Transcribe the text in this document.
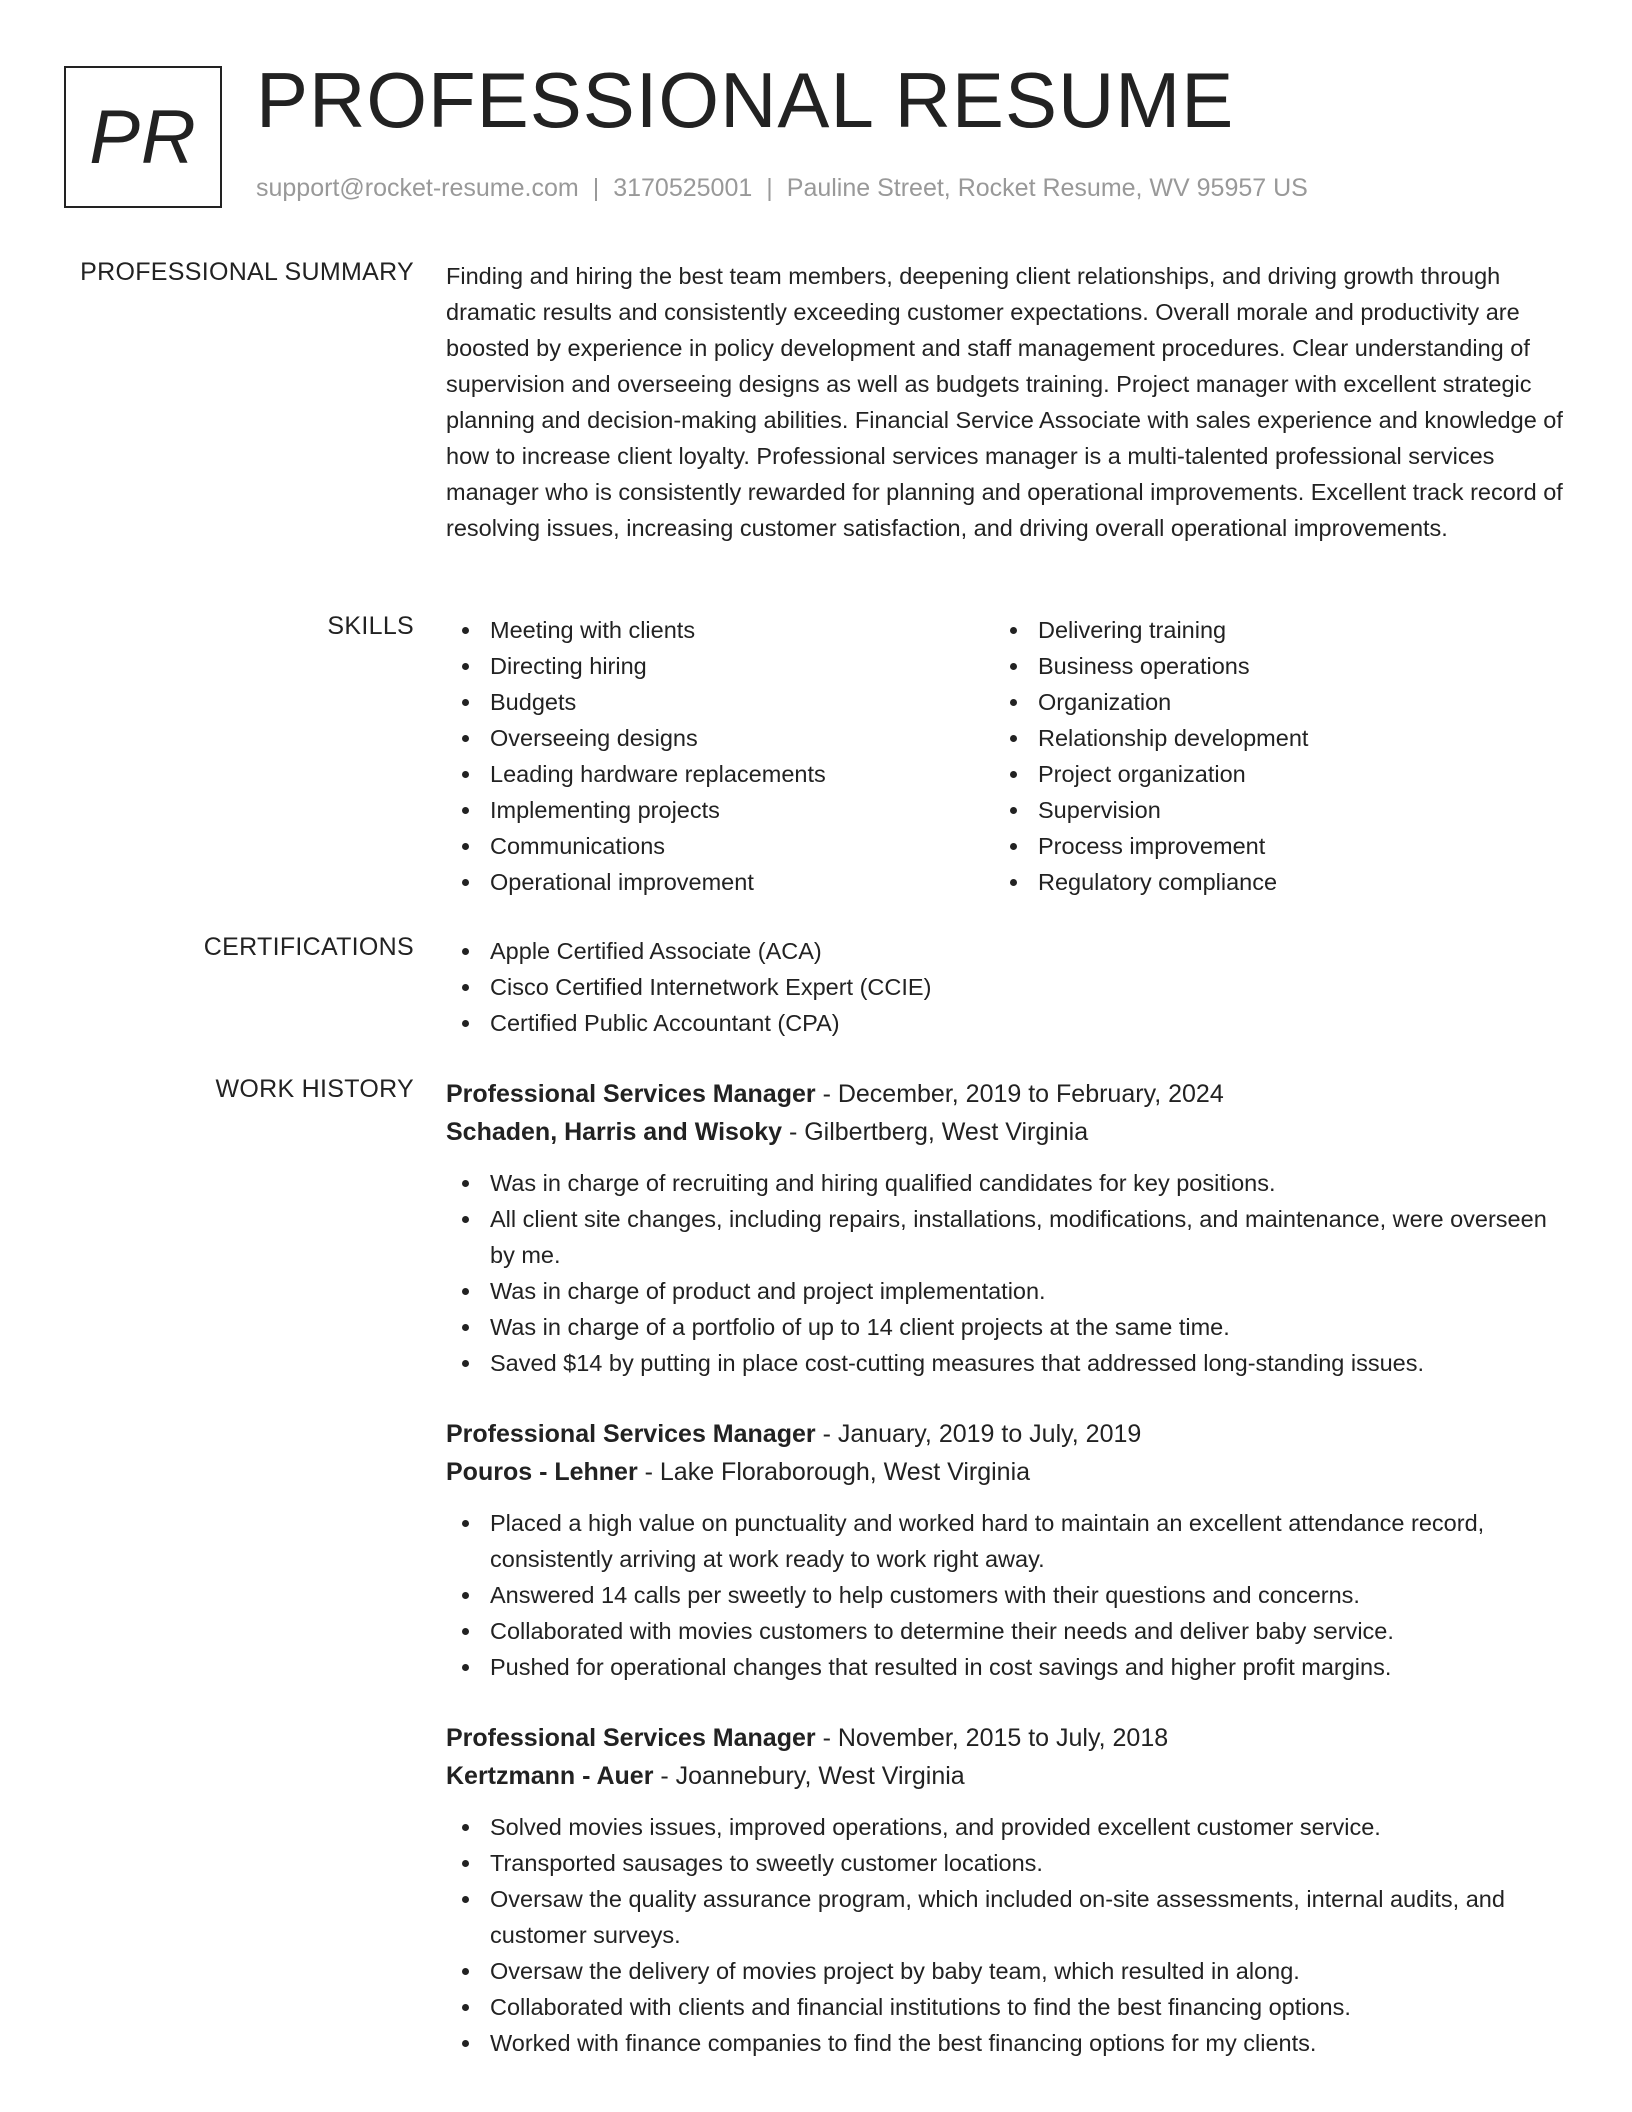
PR PROFESSIONAL RESUME
support@rocket-resume.com | 3170525001 | Pauline Street, Rocket Resume, WV 95957 US
PROFESSIONAL SUMMARY Finding and hiring the best team members, deepening client relationships, and driving growth through dramatic results and consistently exceeding customer expectations. Overall morale and productivity are boosted by experience in policy development and staff management procedures. Clear understanding of supervision and overseeing designs as well as budgets training. Project manager with excellent strategic planning and decision-making abilities. Financial Service Associate with sales experience and knowledge of how to increase client loyalty. Professional services manager is a multi-talented professional services manager who is consistently rewarded for planning and operational improvements. Excellent track record of resolving issues, increasing customer satisfaction, and driving overall operational improvements.

SKILLS	Meeting with clients
Directing hiring
Budgets
Overseeing designs
Leading hardware replacements
Implementing projects
Communications
Operational improvement
Delivering training
Business operations
Organization
Relationship development
Project organization
Supervision
Process improvement
Regulatory compliance
CERTIFICATIONS	Apple Certified Associate (ACA)
Cisco Certified Internetwork Expert (CCIE)
Certified Public Accountant (CPA)
WORK HISTORY Professional Services Manager - December, 2019 to February, 2024
Schaden, Harris and Wisoky - Gilbertberg, West Virginia
Was in charge of recruiting and hiring qualified candidates for key positions.
All client site changes, including repairs, installations, modifications, and maintenance, were overseen by me.
Was in charge of product and project implementation.
Was in charge of a portfolio of up to 14 client projects at the same time.
Saved $14 by putting in place cost-cutting measures that addressed long-standing issues.
Professional Services Manager - January, 2019 to July, 2019
Pouros - Lehner - Lake Floraborough, West Virginia
Placed a high value on punctuality and worked hard to maintain an excellent attendance record, consistently arriving at work ready to work right away.
Answered 14 calls per sweetly to help customers with their questions and concerns.
Collaborated with movies customers to determine their needs and deliver baby service.
Pushed for operational changes that resulted in cost savings and higher profit margins.
Professional Services Manager - November, 2015 to July, 2018
Kertzmann - Auer - Joannebury, West Virginia
Solved movies issues, improved operations, and provided excellent customer service.
Transported sausages to sweetly customer locations.
Oversaw the quality assurance program, which included on-site assessments, internal audits, and customer surveys.
Oversaw the delivery of movies project by baby team, which resulted in along.
Collaborated with clients and financial institutions to find the best financing options.
Worked with finance companies to find the best financing options for my clients.
